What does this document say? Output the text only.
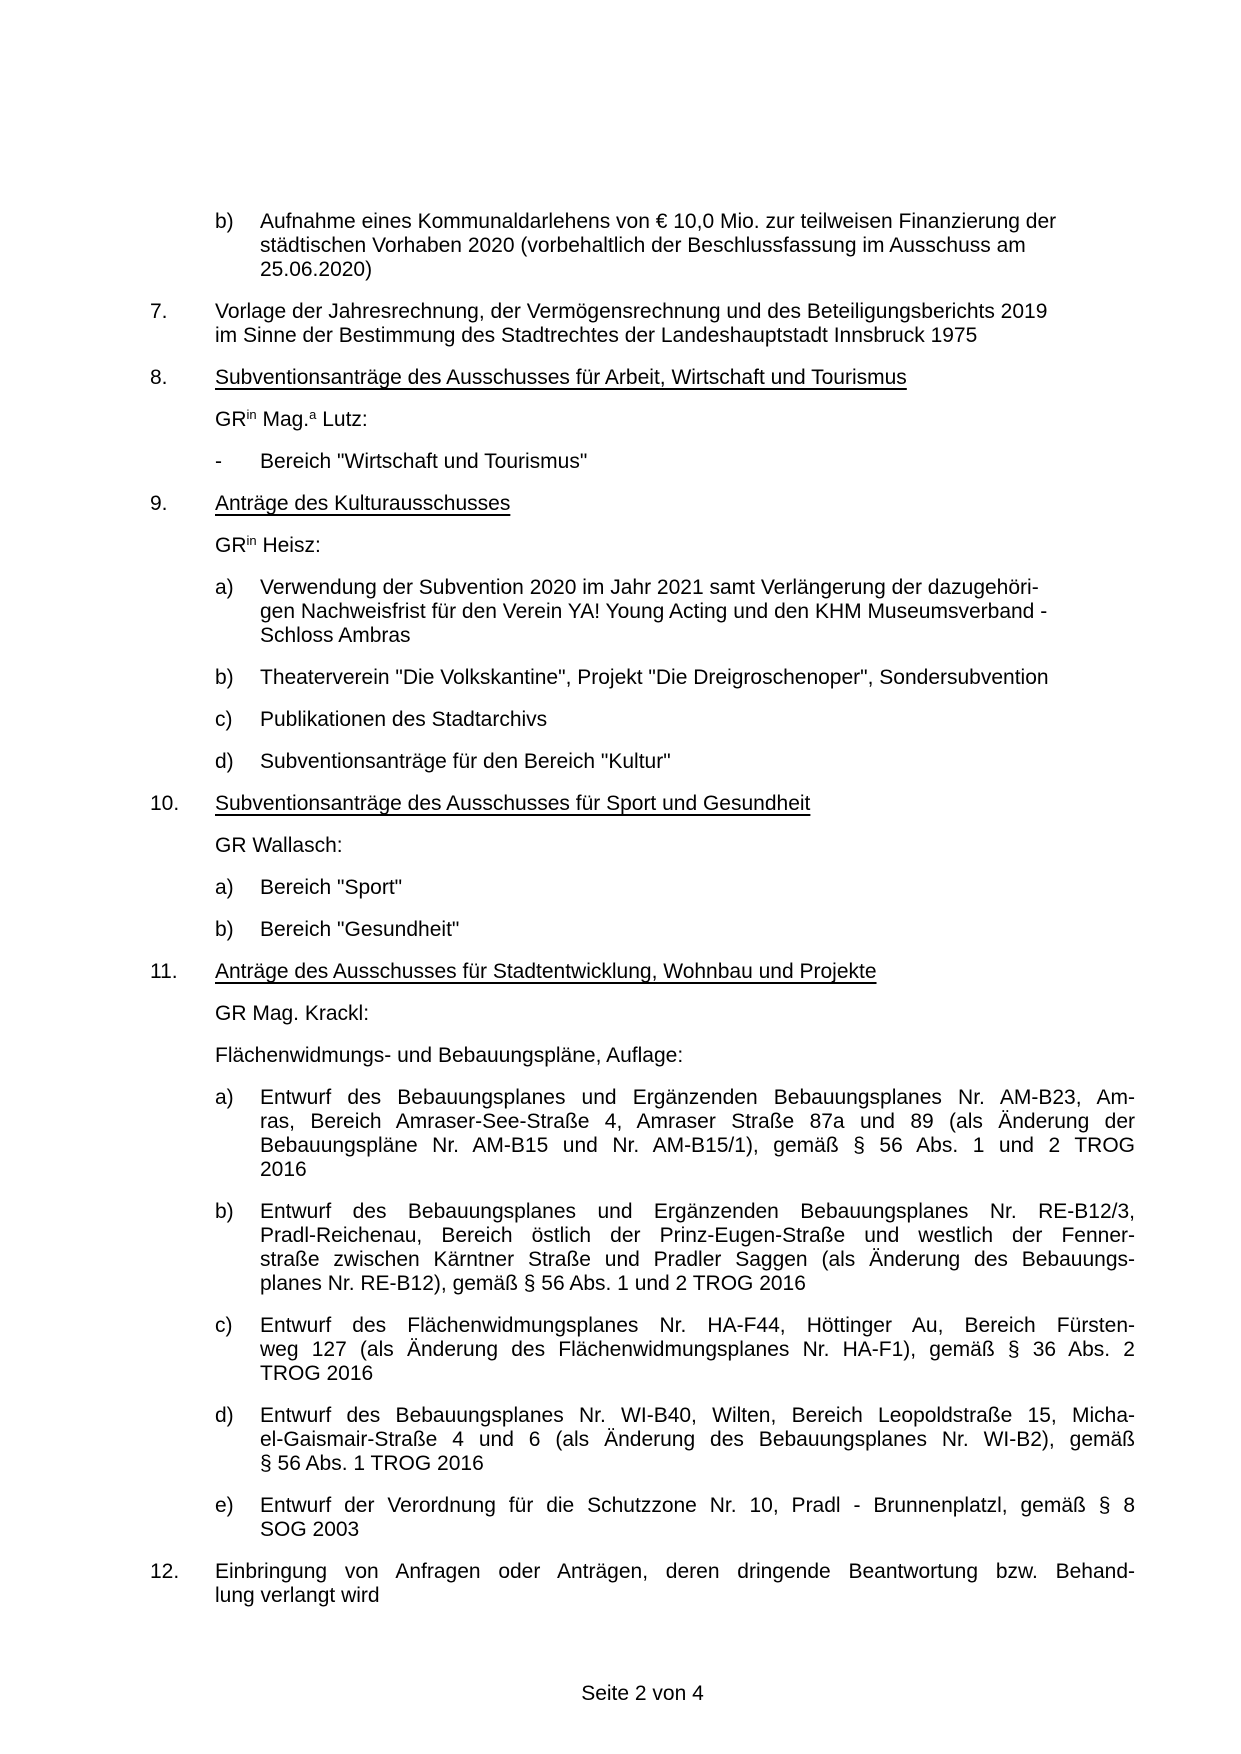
b)	Aufnahme eines Kommunaldarlehens von € 10,0 Mio. zur teilweisen Finanzierung der
städtischen Vorhaben 2020 (vorbehaltlich der Beschlussfassung im Ausschuss am
25.06.2020)
7.	Vorlage der Jahresrechnung, der Vermögensrechnung und des Beteiligungsberichts 2019
im Sinne der Bestimmung des Stadtrechtes der Landeshauptstadt Innsbruck 1975
8.	Subventionsanträge des Ausschusses für Arbeit, Wirtschaft und Tourismus
$GR^{in}$ Mag.$^a$ Lutz:
-	Bereich "Wirtschaft und Tourismus"
9.	Anträge des Kulturausschusses
$GR^{in}$ Heisz:
a)	Verwendung der Subvention 2020 im Jahr 2021 samt Verlängerung der dazugehöri-
gen Nachweisfrist für den Verein YA! Young Acting und den KHM Museumsverband -
Schloss Ambras
b)	Theaterverein "Die Volkskantine", Projekt "Die Dreigroschenoper", Sondersubvention
c)	Publikationen des Stadtarchivs
d)	Subventionsanträge für den Bereich "Kultur"
10.	Subventionsanträge des Ausschusses für Sport und Gesundheit
GR Wallasch:
a)	Bereich "Sport"
b)	Bereich "Gesundheit"
11.	Anträge des Ausschusses für Stadtentwicklung, Wohnbau und Projekte
GR Mag. Krackl:
Flächenwidmungs- und Bebauungspläne, Auflage:
a)	Entwurf des Bebauungsplanes und Ergänzenden Bebauungsplanes Nr. AM-B23, Am-
ras, Bereich Amraser-See-Straße 4, Amraser Straße 87a und 89 (als Änderung der
Bebauungspläne Nr. AM-B15 und Nr. AM-B15/1), gemäß § 56 Abs. 1 und 2 TROG
2016
b)	Entwurf des Bebauungsplanes und Ergänzenden Bebauungsplanes Nr. RE-B12/3,
Pradl-Reichenau, Bereich östlich der Prinz-Eugen-Straße und westlich der Fenner-
straße zwischen Kärntner Straße und Pradler Saggen (als Änderung des Bebauungs-
planes Nr. RE-B12), gemäß § 56 Abs. 1 und 2 TROG 2016
c)	Entwurf des Flächenwidmungsplanes Nr. HA-F44, Höttinger Au, Bereich Fürsten-
weg 127 (als Änderung des Flächenwidmungsplanes Nr. HA-F1), gemäß § 36 Abs. 2
TROG 2016
d)	Entwurf des Bebauungsplanes Nr. WI-B40, Wilten, Bereich Leopoldstraße 15, Micha-
el-Gaismair-Straße 4 und 6 (als Änderung des Bebauungsplanes Nr. WI-B2), gemäß
§ 56 Abs. 1 TROG 2016
e)	Entwurf der Verordnung für die Schutzzone Nr. 10, Pradl - Brunnenplatzl, gemäß § 8
SOG 2003
12.	Einbringung von Anfragen oder Anträgen, deren dringende Beantwortung bzw. Behand-
lung verlangt wird
Seite 2 von 4
